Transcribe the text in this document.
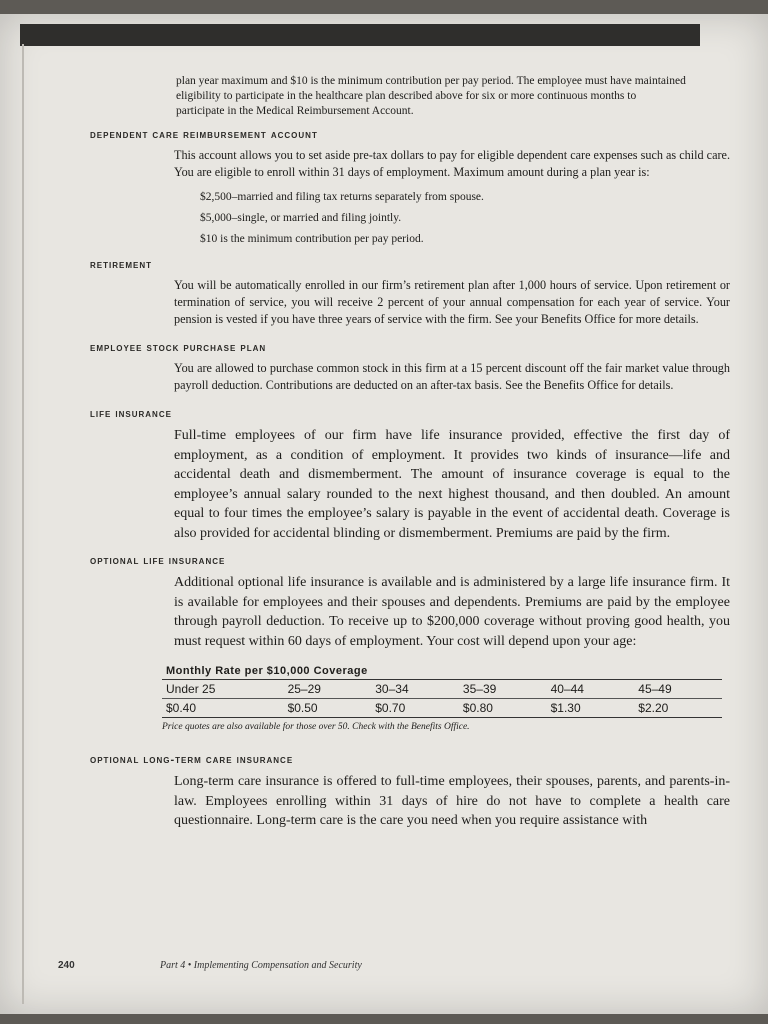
plan year maximum and $10 is the minimum contribution per pay period. The employee must have maintained eligibility to participate in the healthcare plan described above for six or more continuous months to participate in the Medical Reimbursement Account.

dependent care reimbursement account
This account allows you to set aside pre-tax dollars to pay for eligible dependent care expenses such as child care. You are eligible to enroll within 31 days of employment. Maximum amount during a plan year is:
$2,500–married and filing tax returns separately from spouse.
$5,000–single, or married and filing jointly.
$10 is the minimum contribution per pay period.
retirement
You will be automatically enrolled in our firm’s retirement plan after 1,000 hours of service. Upon retirement or termination of service, you will receive 2 percent of your annual compensation for each year of service. Your pension is vested if you have three years of service with the firm. See your Benefits Office for more details.
employee stock purchase plan
You are allowed to purchase common stock in this firm at a 15 percent discount off the fair market value through payroll deduction. Contributions are deducted on an after-tax basis. See the Benefits Office for details.
life insurance
Full-time employees of our firm have life insurance provided, effective the first day of employment, as a condition of employment. It provides two kinds of insurance—life and accidental death and dismemberment. The amount of insurance coverage is equal to the employee’s annual salary rounded to the next highest thousand, and then doubled. An amount equal to four times the employee’s salary is payable in the event of accidental death. Coverage is also provided for accidental blinding or dismemberment. Premiums are paid by the firm.
optional life insurance
Additional optional life insurance is available and is administered by a large life insurance firm. It is available for employees and their spouses and dependents. Premiums are paid by the employee through payroll deduction. To receive up to $200,000 coverage without proving good health, you must request within 60 days of employment. Your cost will depend upon your age:
Monthly Rate per $10,000 Coverage					
Under 25	25–29	30–34	35–39	40–44	45–49
$0.40	$0.50	$0.70	$0.80	$1.30	$2.20
Price quotes are also available for those over 50. Check with the Benefits Office.
optional long-term care insurance
Long-term care insurance is offered to full-time employees, their spouses, parents, and parents-in-law. Employees enrolling within 31 days of hire do not have to complete a health care questionnaire. Long-term care is the care you need when you require assistance with
240	Part 4 • Implementing Compensation and Security
